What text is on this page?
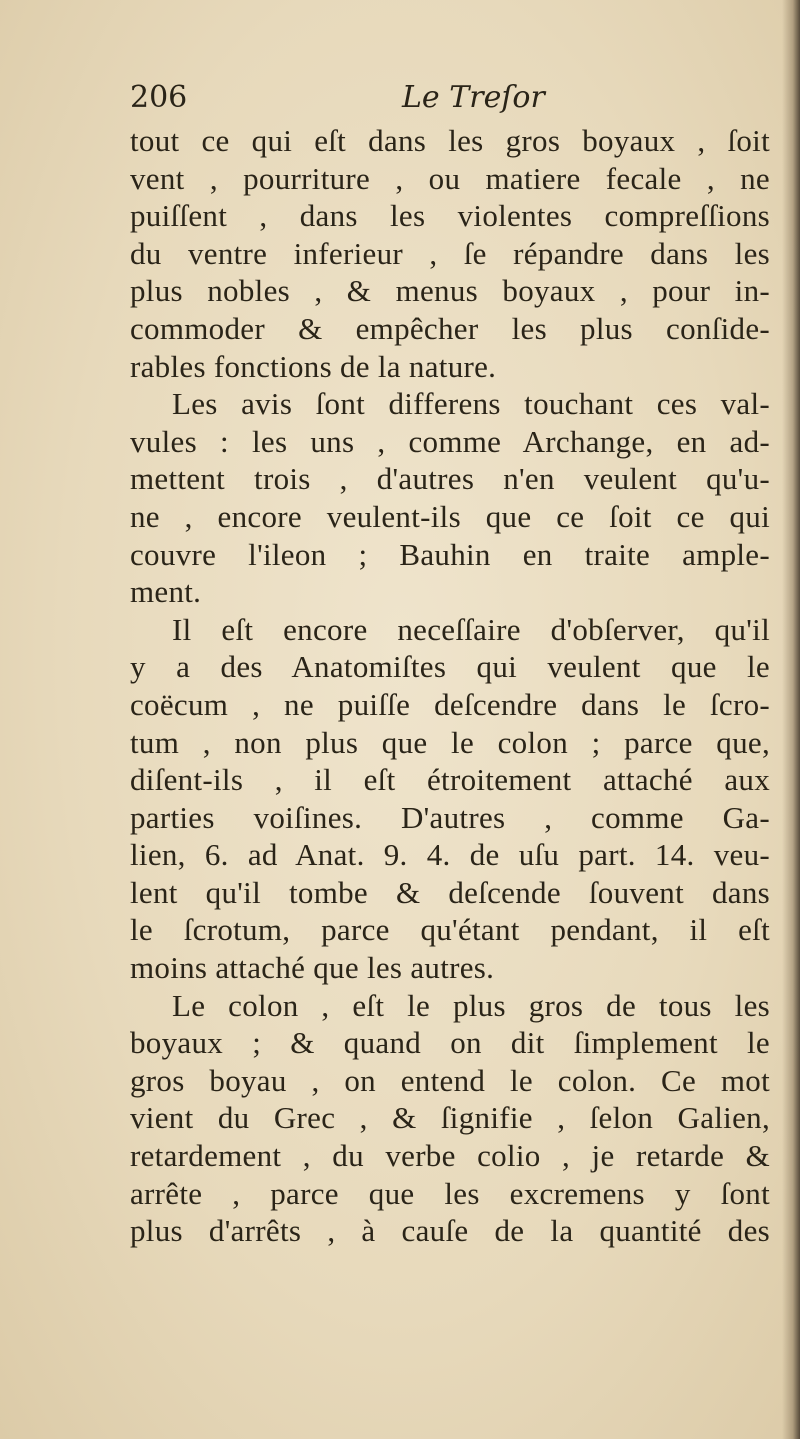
206	Le Treſor
tout ce qui eſt dans les gros boyaux , ſoit
vent , pourriture , ou matiere fecale , ne
puiſſent , dans les violentes compreſſions
du ventre inferieur , ſe répandre dans les
plus nobles , & menus boyaux , pour in-
commoder & empêcher les plus conſide-
rables fonctions de la nature.
Les avis ſont differens touchant ces val-
vules : les uns , comme Archange, en ad-
mettent trois , d'autres n'en veulent qu'u-
ne , encore veulent-ils que ce ſoit ce qui
couvre l'ileon ; Bauhin en traite ample-
ment.
Il eſt encore neceſſaire d'obſerver, qu'il
y a des Anatomiſtes qui veulent que le
coëcum , ne puiſſe deſcendre dans le ſcro-
tum , non plus que le colon ; parce que,
diſent-ils , il eſt étroitement attaché aux
parties voiſines. D'autres , comme Ga-
lien, 6. ad Anat. 9. 4. de uſu part. 14. veu-
lent qu'il tombe & deſcende ſouvent dans
le ſcrotum, parce qu'étant pendant, il eſt
moins attaché que les autres.
Le colon , eſt le plus gros de tous les
boyaux ; & quand on dit ſimplement le
gros boyau , on entend le colon. Ce mot
vient du Grec , & ſignifie , ſelon Galien,
retardement , du verbe colio , je retarde &
arrête , parce que les excremens y ſont
plus d'arrêts , à cauſe de la quantité des
